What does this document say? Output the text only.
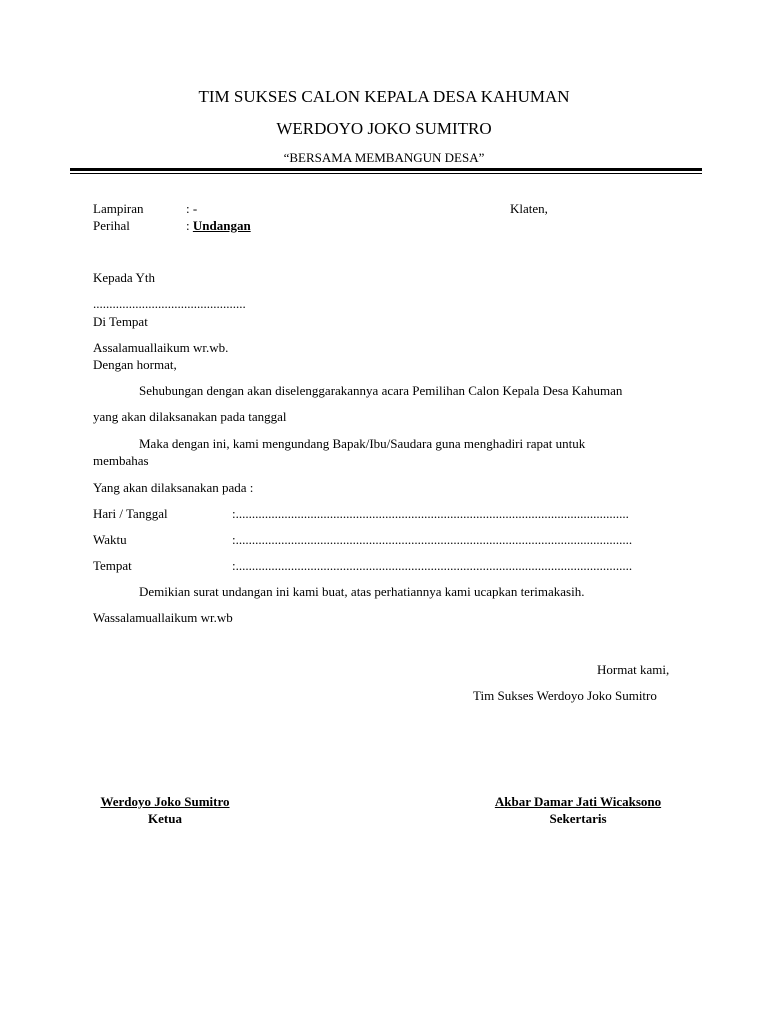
TIM SUKSES CALON KEPALA DESA KAHUMAN
WERDOYO JOKO SUMITRO
“BERSAMA MEMBANGUN DESA”
Lampiran	: -	Klaten,
Perihal	: Undangan
Kepada Yth
...............................................
Di Tempat
Assalamuallaikum wr.wb.
Dengan hormat,
Sehubungan dengan akan diselenggarakannya acara Pemilihan Calon Kepala Desa Kahuman
yang akan dilaksanakan pada tanggal
Maka dengan ini, kami mengundang Bapak/Ibu/Saudara guna menghadiri rapat untuk
membahas
Yang akan dilaksanakan pada :
Hari / Tanggal	:.........................................................................................................................
Waktu	:..........................................................................................................................
Tempat	:..........................................................................................................................
Demikian surat undangan ini kami buat, atas perhatiannya kami ucapkan terimakasih.
Wassalamuallaikum wr.wb
Hormat kami,
Tim Sukses Werdoyo Joko Sumitro
Werdoyo Joko Sumitro
Ketua
Akbar Damar Jati Wicaksono
Sekertaris
